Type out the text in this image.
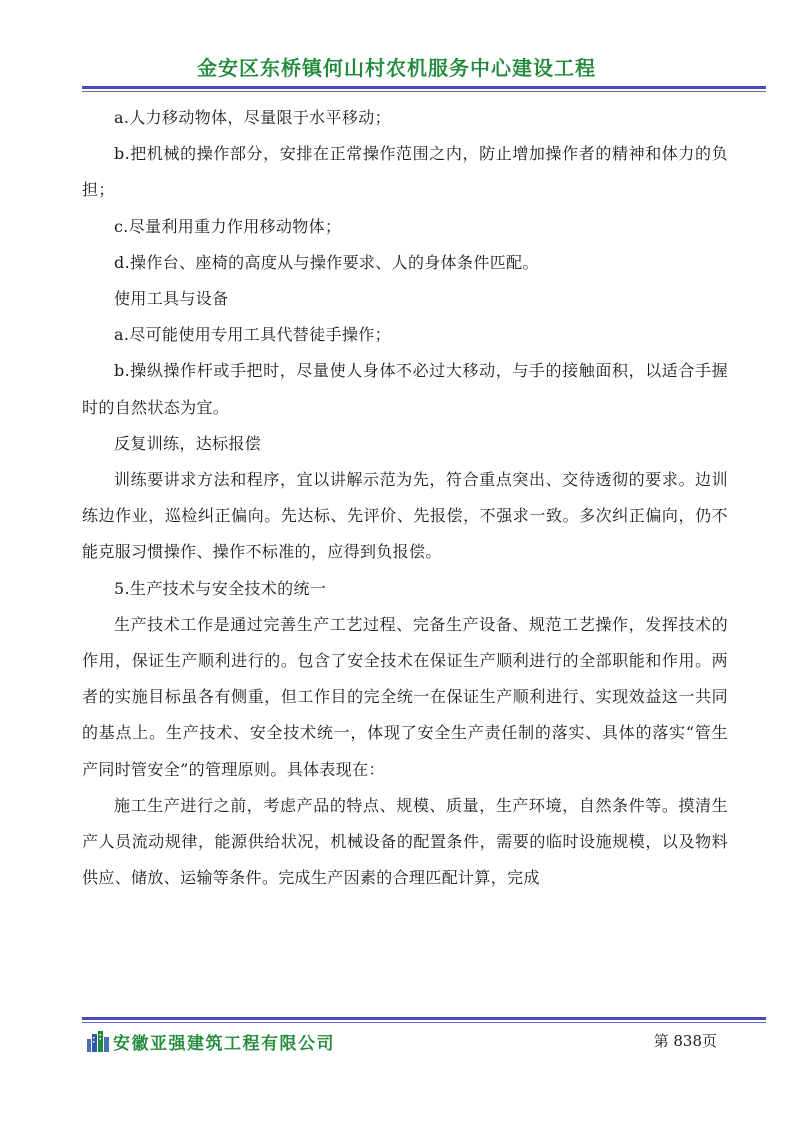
金安区东桥镇何山村农机服务中心建设工程

a.人力移动物体，尽量限于水平移动；

b.把机械的操作部分，安排在正常操作范围之内，防止增加操作者的精神和体力的负担；

c.尽量利用重力作用移动物体；

d.操作台、座椅的高度从与操作要求、人的身体条件匹配。

使用工具与设备

a.尽可能使用专用工具代替徒手操作；

b.操纵操作杆或手把时，尽量使人身体不必过大移动，与手的接触面积，以适合手握时的自然状态为宜。

反复训练，达标报偿

训练要讲求方法和程序，宜以讲解示范为先，符合重点突出、交待透彻的要求。边训练边作业，巡检纠正偏向。先达标、先评价、先报偿，不强求一致。多次纠正偏向，仍不能克服习惯操作、操作不标准的，应得到负报偿。

5.生产技术与安全技术的统一

生产技术工作是通过完善生产工艺过程、完备生产设备、规范工艺操作，发挥技术的作用，保证生产顺利进行的。包含了安全技术在保证生产顺利进行的全部职能和作用。两者的实施目标虽各有侧重，但工作目的完全统一在保证生产顺利进行、实现效益这一共同的基点上。生产技术、安全技术统一，体现了安全生产责任制的落实、具体的落实“管生产同时管安全”的管理原则。具体表现在：

施工生产进行之前，考虑产品的特点、规模、质量，生产环境，自然条件等。摸清生产人员流动规律，能源供给状况，机械设备的配置条件，需要的临时设施规模，以及物料供应、储放、运输等条件。完成生产因素的合理匹配计算，完成

安徽亚强建筑工程有限公司	第 838页
